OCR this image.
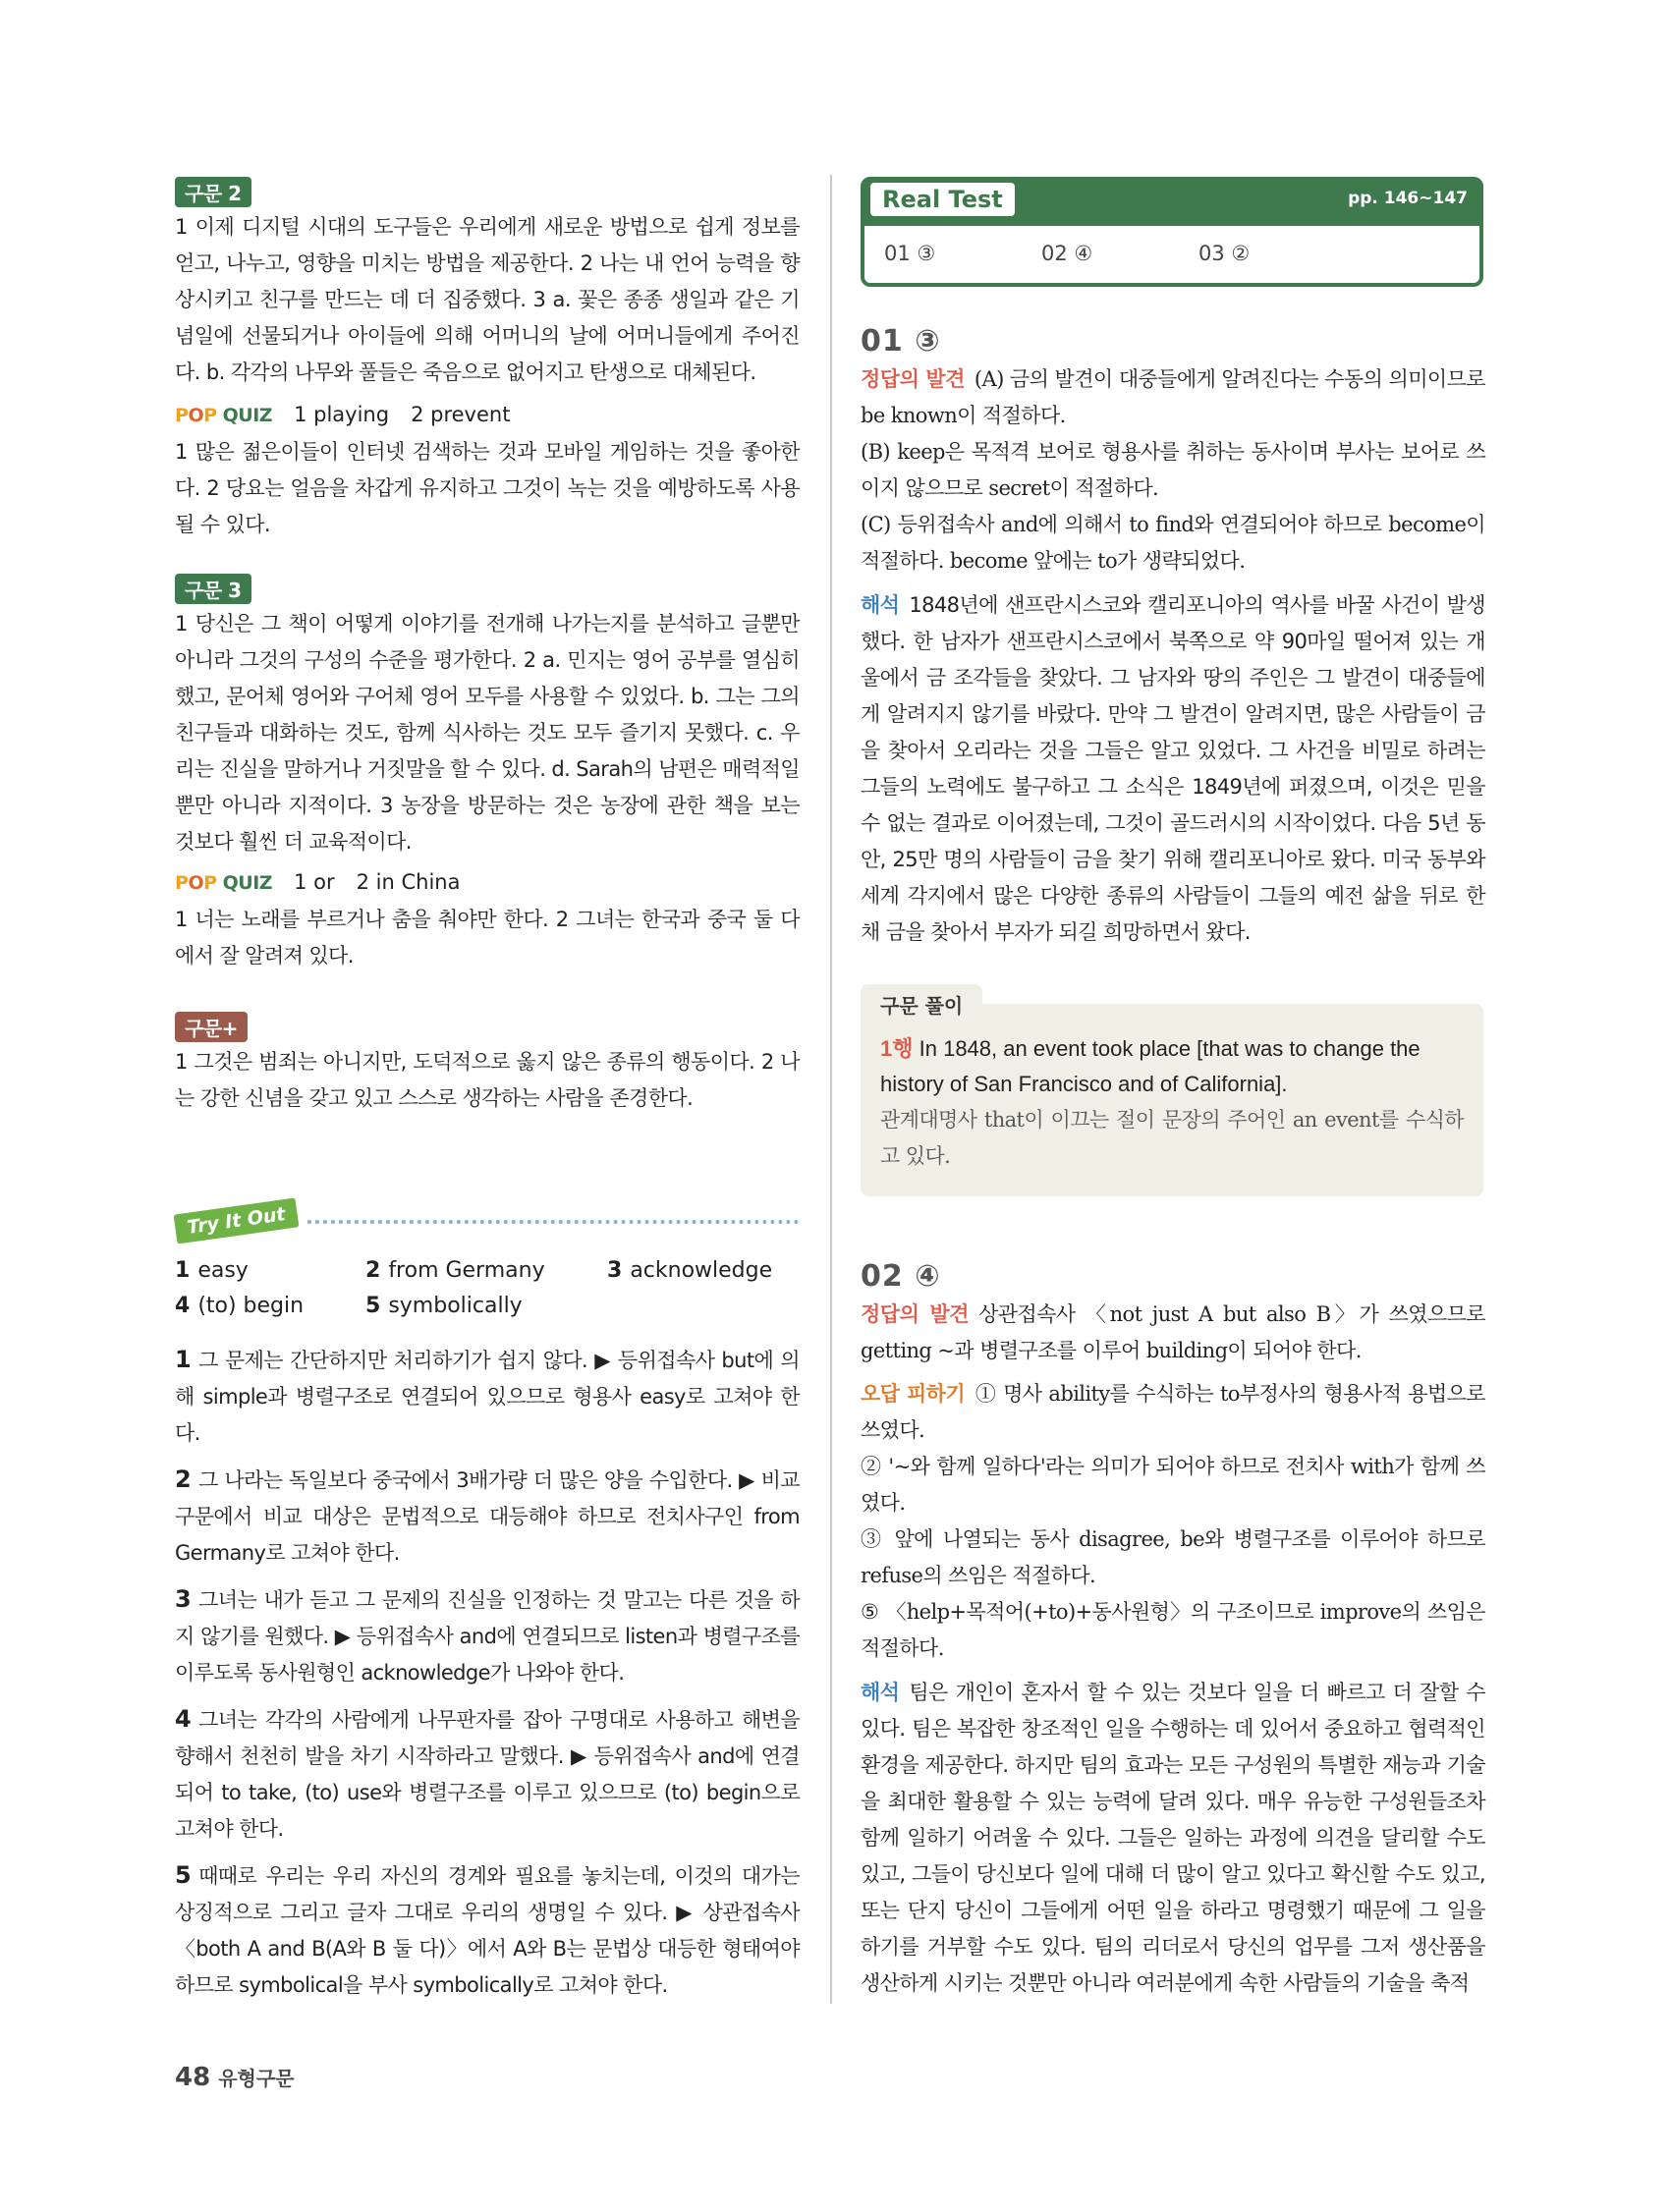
구문 2

1 이제 디지털 시대의 도구들은 우리에게 새로운 방법으로 쉽게 정보를 얻고, 나누고, 영향을 미치는 방법을 제공한다. 2 나는 내 언어 능력을 향상시키고 친구를 만드는 데 더 집중했다. 3 a. 꽃은 종종 생일과 같은 기념일에 선물되거나 아이들에 의해 어머니의 날에 어머니들에게 주어진다. b. 각각의 나무와 풀들은 죽음으로 없어지고 탄생으로 대체된다.

POP QUIZ 1 playing 2 prevent

1 많은 젊은이들이 인터넷 검색하는 것과 모바일 게임하는 것을 좋아한다. 2 당요는 얼음을 차갑게 유지하고 그것이 녹는 것을 예방하도록 사용될 수 있다.

구문 3

1 당신은 그 책이 어떻게 이야기를 전개해 나가는지를 분석하고 글뿐만 아니라 그것의 구성의 수준을 평가한다. 2 a. 민지는 영어 공부를 열심히 했고, 문어체 영어와 구어체 영어 모두를 사용할 수 있었다. b. 그는 그의 친구들과 대화하는 것도, 함께 식사하는 것도 모두 즐기지 못했다. c. 우리는 진실을 말하거나 거짓말을 할 수 있다. d. Sarah의 남편은 매력적일 뿐만 아니라 지적이다. 3 농장을 방문하는 것은 농장에 관한 책을 보는 것보다 훨씬 더 교육적이다.

POP QUIZ 1 or 2 in China

1 너는 노래를 부르거나 춤을 춰야만 한다. 2 그녀는 한국과 중국 둘 다에서 잘 알려져 있다.

구문+

1 그것은 범죄는 아니지만, 도덕적으로 옳지 않은 종류의 행동이다. 2 나는 강한 신념을 갖고 있고 스스로 생각하는 사람을 존경한다.

Try It Out
1 easy	2 from Germany	3 acknowledge
4 (to) begin	5 symbolically

1 그 문제는 간단하지만 처리하기가 쉽지 않다. ▶ 등위접속사 but에 의해 simple과 병렬구조로 연결되어 있으므로 형용사 easy로 고쳐야 한다.

2 그 나라는 독일보다 중국에서 3배가량 더 많은 양을 수입한다. ▶ 비교 구문에서 비교 대상은 문법적으로 대등해야 하므로 전치사구인 from Germany로 고쳐야 한다.

3 그녀는 내가 듣고 그 문제의 진실을 인정하는 것 말고는 다른 것을 하지 않기를 원했다. ▶ 등위접속사 and에 연결되므로 listen과 병렬구조를 이루도록 동사원형인 acknowledge가 나와야 한다.

4 그녀는 각각의 사람에게 나무판자를 잡아 구명대로 사용하고 해변을 향해서 천천히 발을 차기 시작하라고 말했다. ▶ 등위접속사 and에 연결되어 to take, (to) use와 병렬구조를 이루고 있으므로 (to) begin으로 고쳐야 한다.

5 때때로 우리는 우리 자신의 경계와 필요를 놓치는데, 이것의 대가는 상징적으로 그리고 글자 그대로 우리의 생명일 수 있다. ▶ 상관접속사 〈both A and B(A와 B 둘 다)〉에서 A와 B는 문법상 대등한 형태여야 하므로 symbolical을 부사 symbolically로 고쳐야 한다.

Real Test	pp. 146~147
01 ③	02 ④	03 ②
01 ③

정답의 발견 (A) 금의 발견이 대중들에게 알려진다는 수동의 의미이므로 be known이 적절하다.

(B) keep은 목적격 보어로 형용사를 취하는 동사이며 부사는 보어로 쓰이지 않으므로 secret이 적절하다.

(C) 등위접속사 and에 의해서 to find와 연결되어야 하므로 become이 적절하다. become 앞에는 to가 생략되었다.

해석 1848년에 샌프란시스코와 캘리포니아의 역사를 바꿀 사건이 발생했다. 한 남자가 샌프란시스코에서 북쪽으로 약 90마일 떨어져 있는 개울에서 금 조각들을 찾았다. 그 남자와 땅의 주인은 그 발견이 대중들에게 알려지지 않기를 바랐다. 만약 그 발견이 알려지면, 많은 사람들이 금을 찾아서 오리라는 것을 그들은 알고 있었다. 그 사건을 비밀로 하려는 그들의 노력에도 불구하고 그 소식은 1849년에 퍼졌으며, 이것은 믿을 수 없는 결과로 이어졌는데, 그것이 골드러시의 시작이었다. 다음 5년 동안, 25만 명의 사람들이 금을 찾기 위해 캘리포니아로 왔다. 미국 동부와 세계 각지에서 많은 다양한 종류의 사람들이 그들의 예전 삶을 뒤로 한 채 금을 찾아서 부자가 되길 희망하면서 왔다.

구문 풀이

1행 In 1848, an event took place [that was to change the history of San Francisco and of California].

관계대명사 that이 이끄는 절이 문장의 주어인 an event를 수식하고 있다.

02 ④

정답의 발견 상관접속사 〈not just A but also B〉가 쓰였으므로 getting ~과 병렬구조를 이루어 building이 되어야 한다.

오답 피하기 ① 명사 ability를 수식하는 to부정사의 형용사적 용법으로 쓰였다.

② '~와 함께 일하다'라는 의미가 되어야 하므로 전치사 with가 함께 쓰였다.

③ 앞에 나열되는 동사 disagree, be와 병렬구조를 이루어야 하므로 refuse의 쓰임은 적절하다.

⑤ 〈help+목적어(+to)+동사원형〉의 구조이므로 improve의 쓰임은 적절하다.

해석 팀은 개인이 혼자서 할 수 있는 것보다 일을 더 빠르고 더 잘할 수 있다. 팀은 복잡한 창조적인 일을 수행하는 데 있어서 중요하고 협력적인 환경을 제공한다. 하지만 팀의 효과는 모든 구성원의 특별한 재능과 기술을 최대한 활용할 수 있는 능력에 달려 있다. 매우 유능한 구성원들조차 함께 일하기 어려울 수 있다. 그들은 일하는 과정에 의견을 달리할 수도 있고, 그들이 당신보다 일에 대해 더 많이 알고 있다고 확신할 수도 있고, 또는 단지 당신이 그들에게 어떤 일을 하라고 명령했기 때문에 그 일을 하기를 거부할 수도 있다. 팀의 리더로서 당신의 업무를 그저 생산품을 생산하게 시키는 것뿐만 아니라 여러분에게 속한 사람들의 기술을 축적

48 유형구문
